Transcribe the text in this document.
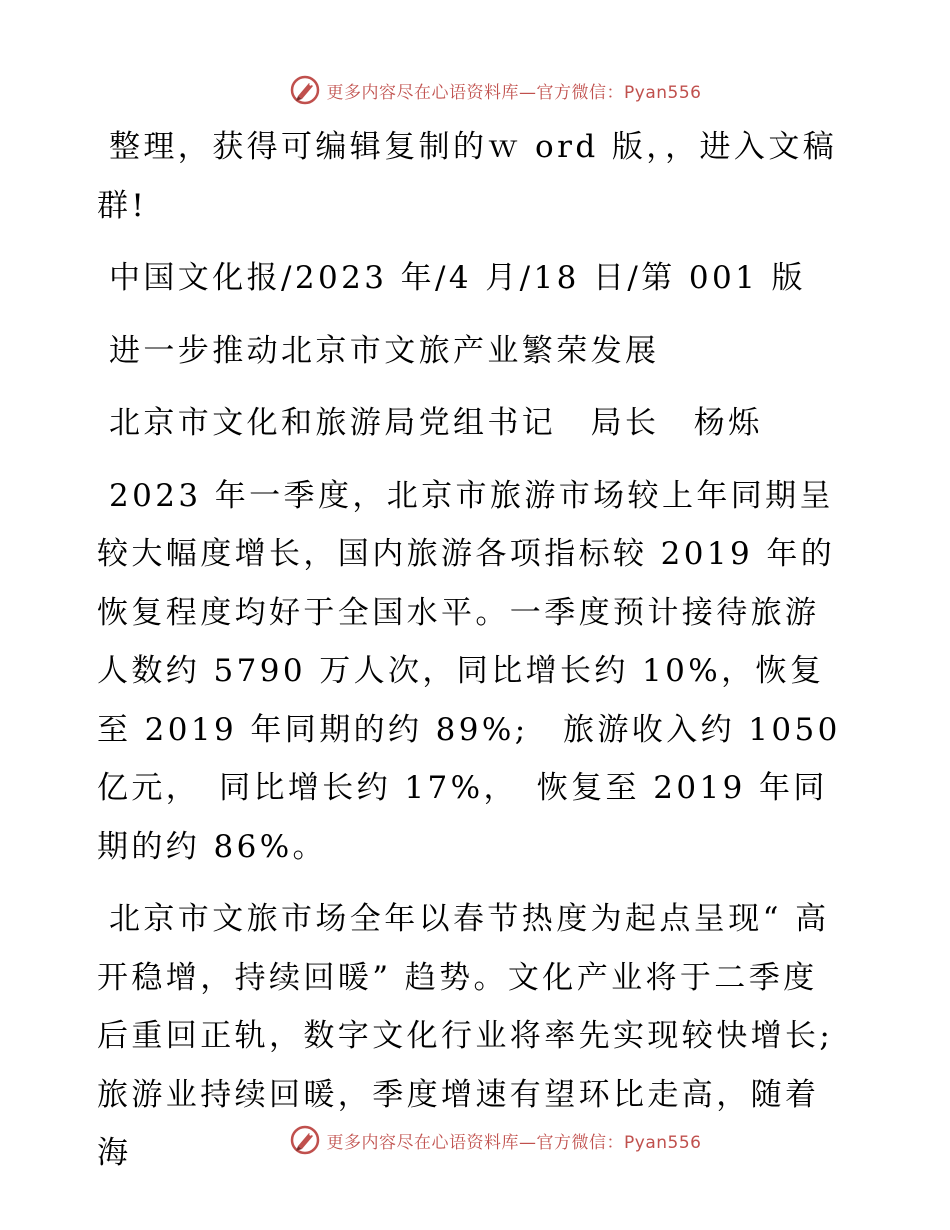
更多内容尽在心语资料库—官方微信：Pyan556

整理，获得可编辑复制的ｗ ord 版，，进入文稿群!

中国文化报/2023 年/4 月/18 日/第 001 版

进一步推动北京市文旅产业繁荣发展

北京市文化和旅游局党组书记　局长　杨烁

2023 年一季度，北京市旅游市场较上年同期呈较大幅度增长，国内旅游各项指标较 2019 年的恢复程度均好于全国水平。一季度预计接待旅游人数约 5790 万人次，同比增长约 10%，恢复至 2019 年同期的约 89%;　旅游收入约 1050 亿元，　同比增长约 17%，　恢复至 2019 年同期的约 86%。

北京市文旅市场全年以春节热度为起点呈现“ 高开稳增，持续回暖” 趋势。文化产业将于二季度后重回正轨，数字文化行业将率先实现较快增长;旅游业持续回暖，季度增速有望环比走高，随着海	更多内容尽在心语资料库—官方微信：Pyan556
